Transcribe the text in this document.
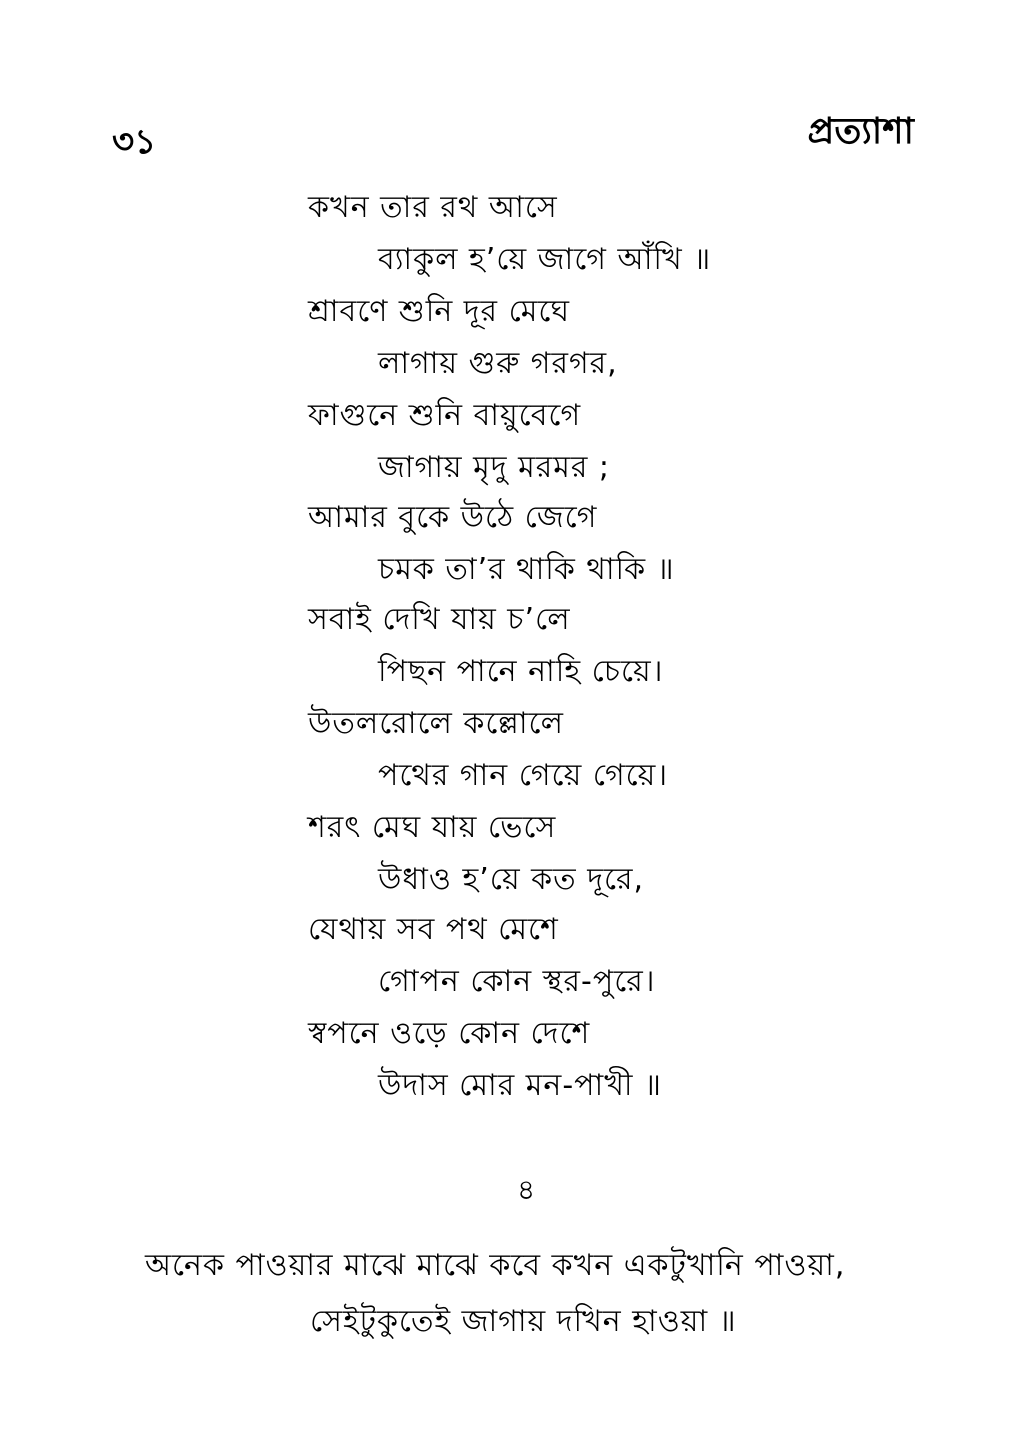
৩১	প্রত্যাশা
কখন তার রথ আসে
ব্যাকুল হ’য়ে জাগে আঁখি ॥
শ্রাবণে শুনি দূর মেঘে
লাগায় গুরু গরগর,
ফাগুনে শুনি বায়ুবেগে
জাগায় মৃদু মরমর ;
আমার বুকে উঠে জেগে
চমক তা’র থাকি থাকি ॥
সবাই দেখি যায় চ’লে
পিছন পানে নাহি চেয়ে।
উতলরোলে কল্লোলে
পথের গান গেয়ে গেয়ে।
শরৎ মেঘ যায় ভেসে
উধাও হ’য়ে কত দূরে,
যেথায় সব পথ মেশে
গোপন কোন স্থর-পুরে।
স্বপনে ওড়ে কোন দেশে
উদাস মোর মন-পাখী ॥
৪
অনেক পাওয়ার মাঝে মাঝে কবে কখন একটুখানি পাওয়া,
সেইটুকুতেই জাগায় দখিন হাওয়া ॥
